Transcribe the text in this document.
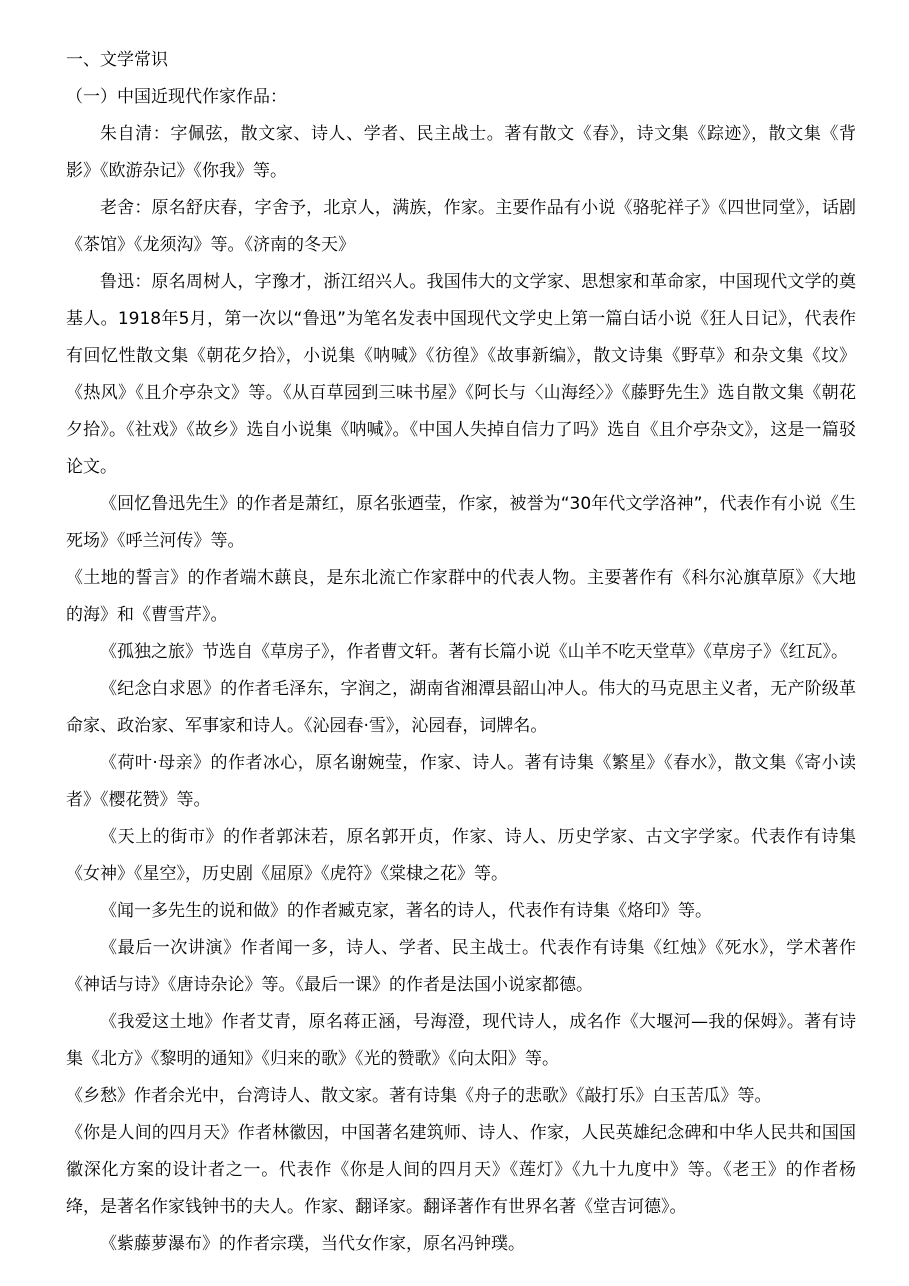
一、文学常识

（一）中国近现代作家作品：

朱自清：字佩弦，散文家、诗人、学者、民主战士。著有散文《春》，诗文集《踪迹》，散文集《背影》《欧游杂记》《你我》等。

老舍：原名舒庆春，字舍予，北京人，满族，作家。主要作品有小说《骆驼祥子》《四世同堂》，话剧《茶馆》《龙须沟》等。《济南的冬天》

鲁迅：原名周树人，字豫才，浙江绍兴人。我国伟大的文学家、思想家和革命家，中国现代文学的奠基人。1918年5月，第一次以“鲁迅”为笔名发表中国现代文学史上第一篇白话小说《狂人日记》，代表作有回忆性散文集《朝花夕拾》，小说集《呐喊》《彷徨》《故事新编》，散文诗集《野草》和杂文集《坟》《热风》《且介亭杂文》等。《从百草园到三味书屋》《阿长与〈山海经〉》《藤野先生》选自散文集《朝花夕拾》。《社戏》《故乡》选自小说集《呐喊》。《中国人失掉自信力了吗》选自《且介亭杂文》，这是一篇驳论文。

《回忆鲁迅先生》的作者是萧红，原名张迺莹，作家，被誉为“30年代文学洛神”，代表作有小说《生死场》《呼兰河传》等。

《土地的誓言》的作者端木蕻良，是东北流亡作家群中的代表人物。主要著作有《科尔沁旗草原》《大地的海》和《曹雪芹》。

《孤独之旅》节选自《草房子》，作者曹文轩。著有长篇小说《山羊不吃天堂草》《草房子》《红瓦》。

《纪念白求恩》的作者毛泽东，字润之，湖南省湘潭县韶山冲人。伟大的马克思主义者，无产阶级革命家、政治家、军事家和诗人。《沁园春·雪》，沁园春，词牌名。

《荷叶·母亲》的作者冰心，原名谢婉莹，作家、诗人。著有诗集《繁星》《春水》，散文集《寄小读者》《樱花赞》等。

《天上的街市》的作者郭沫若，原名郭开贞，作家、诗人、历史学家、古文字学家。代表作有诗集《女神》《星空》，历史剧《屈原》《虎符》《棠棣之花》等。

《闻一多先生的说和做》的作者臧克家，著名的诗人，代表作有诗集《烙印》等。

《最后一次讲演》作者闻一多，诗人、学者、民主战士。代表作有诗集《红烛》《死水》，学术著作《神话与诗》《唐诗杂论》等。《最后一课》的作者是法国小说家都德。

《我爱这土地》作者艾青，原名蒋正涵，号海澄，现代诗人，成名作《大堰河—我的保姆》。著有诗集《北方》《黎明的通知》《归来的歌》《光的赞歌》《向太阳》等。

《乡愁》作者余光中，台湾诗人、散文家。著有诗集《舟子的悲歌》《敲打乐》白玉苦瓜》等。

《你是人间的四月天》作者林徽因，中国著名建筑师、诗人、作家，人民英雄纪念碑和中华人民共和国国徽深化方案的设计者之一。代表作《你是人间的四月天》《莲灯》《九十九度中》等。《老王》的作者杨绛，是著名作家钱钟书的夫人。作家、翻译家。翻译著作有世界名著《堂吉诃德》。

《紫藤萝瀑布》的作者宗璞，当代女作家，原名冯钟璞。
